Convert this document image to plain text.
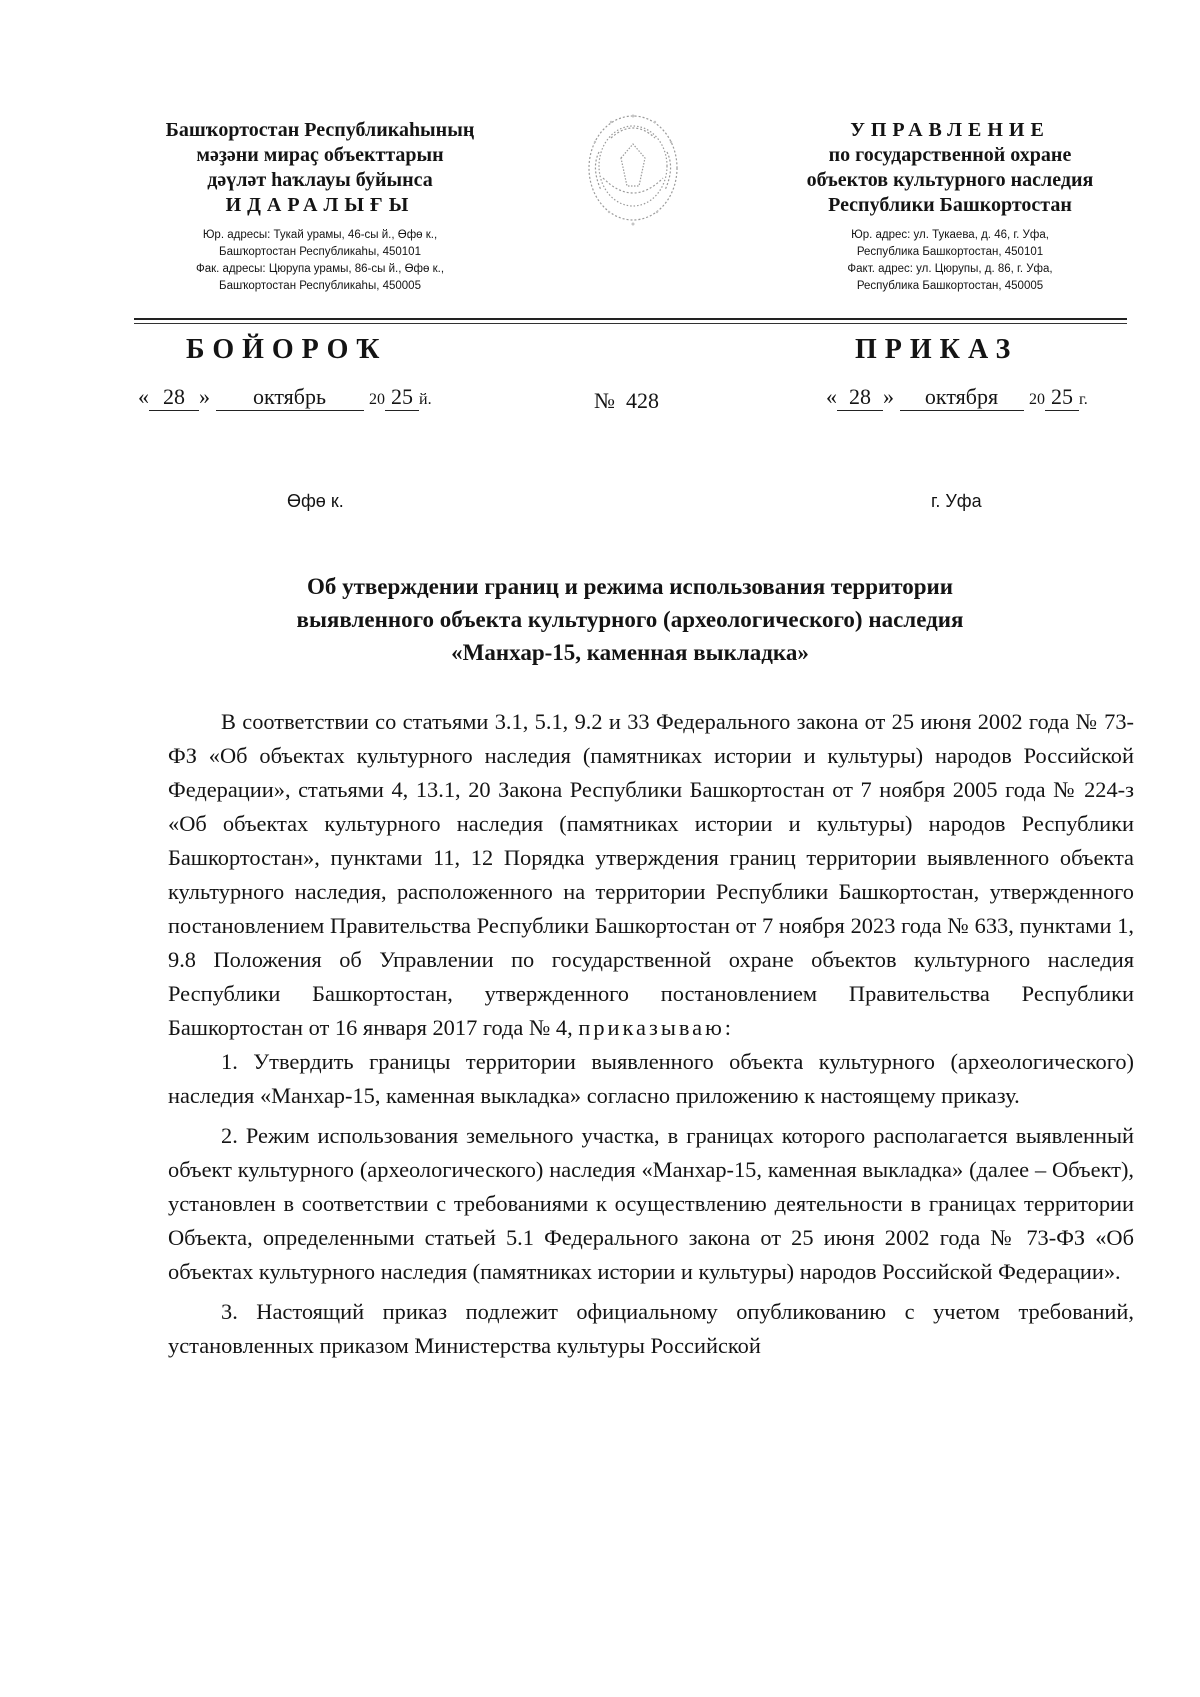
Башҡортостан Республикаһының
мәҙәни мираҫ объекттарын
дәүләт һаҡлауы буйынса
ИДАРАЛЫҒЫ
Юр. адресы: Тукай урамы, 46-сы й., Өфө к.,
Башҡортостан Республикаһы, 450101
Фак. адресы: Цюрупа урамы, 86-сы й., Өфө к.,
Башҡортостан Республикаһы, 450005
УПРАВЛЕНИЕ
по государственной охране
объектов культурного наследия
Республики Башкортостан
Юр. адрес: ул. Тукаева, д. 46, г. Уфа,
Республика Башкортостан, 450101
Факт. адрес: ул. Цюрупы, д. 86, г. Уфа,
Республика Башкортостан, 450005
БОЙОРОҠ	ПРИКАЗ
« 28 » октябрь	20 25 й.	№ 428	« 28 » октября 20 25 г.
Өфө к.	г. Уфа
Об утверждении границ и режима использования территории
выявленного объекта культурного (археологического) наследия
«Манхар-15, каменная выкладка»

В соответствии со статьями 3.1, 5.1, 9.2 и 33 Федерального закона от 25 июня 2002 года № 73-ФЗ «Об объектах культурного наследия (памятниках истории и культуры) народов Российской Федерации», статьями 4, 13.1, 20 Закона Республики Башкортостан от 7 ноября 2005 года № 224-з «Об объектах культурного наследия (памятниках истории и культуры) народов Республики Башкортостан», пунктами 11, 12 Порядка утверждения границ территории выявленного объекта культурного наследия, расположенного на территории Республики Башкортостан, утвержденного постановлением Правительства Республики Башкортостан от 7 ноября 2023 года № 633, пунктами 1, 9.8 Положения об Управлении по государственной охране объектов культурного наследия Республики Башкортостан, утвержденного постановлением Правительства Республики Башкортостан от 16 января 2017 года № 4, приказываю:

1. Утвердить границы территории выявленного объекта культурного (археологического) наследия «Манхар-15, каменная выкладка» согласно приложению к настоящему приказу.

2. Режим использования земельного участка, в границах которого располагается выявленный объект культурного (археологического) наследия «Манхар-15, каменная выкладка» (далее – Объект), установлен в соответствии с требованиями к осуществлению деятельности в границах территории Объекта, определенными статьей 5.1 Федерального закона от 25 июня 2002 года № 73-ФЗ «Об объектах культурного наследия (памятниках истории и культуры) народов Российской Федерации».

3. Настоящий приказ подлежит официальному опубликованию с учетом требований, установленных приказом Министерства культуры Российской
